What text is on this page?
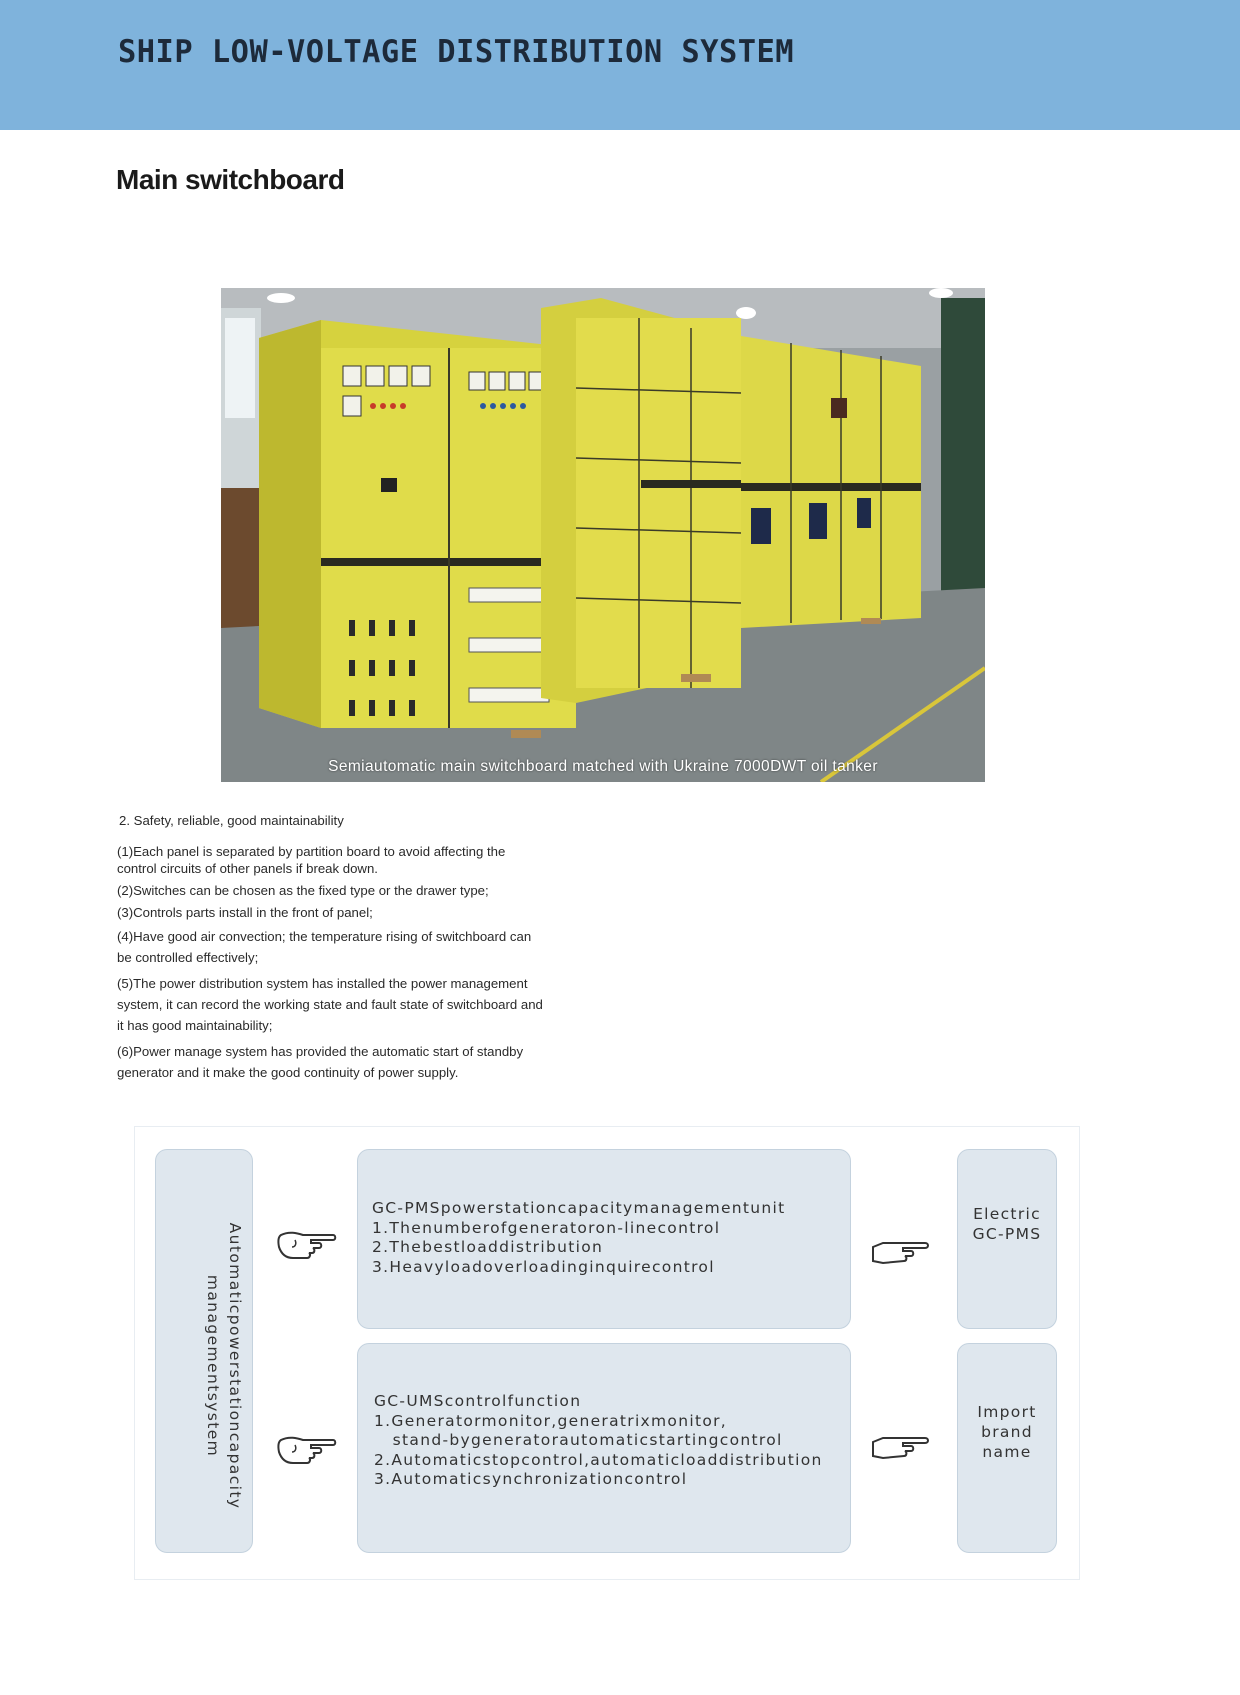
SHIP LOW-VOLTAGE DISTRIBUTION SYSTEM
Main switchboard
Semiautomatic main switchboard matched with Ukraine 7000DWT oil tanker
2. Safety, reliable, good maintainability
(1)Each panel is separated by partition board to avoid affecting the control circuits of other panels if break down.
(2)Switches can be chosen as the fixed type or the drawer type;
(3)Controls parts install in the front of panel;
(4)Have good air convection; the temperature rising of switchboard can be controlled effectively;
(5)The power distribution system has installed the power management system, it can record the working state and fault state of switchboard and it has good maintainability;
(6)Power manage system has provided the automatic start of standby generator and it make the good continuity of power supply.
Automaticpowerstationcapacity managementsystem
GC-PMSpowerstationcapacitymanagementunit
1.Thenumberofgeneratoron-linecontrol
2.Thebestloaddistribution
3.Heavyloadoverloadinginquirecontrol
GC-UMScontrolfunction
1.Generatormonitor,generatrixmonitor,
stand-bygeneratorautomaticstartingcontrol
2.Automaticstopcontrol,automaticloaddistribution
3.Automaticsynchronizationcontrol
Electric
GC-PMS
Import
brand
name
